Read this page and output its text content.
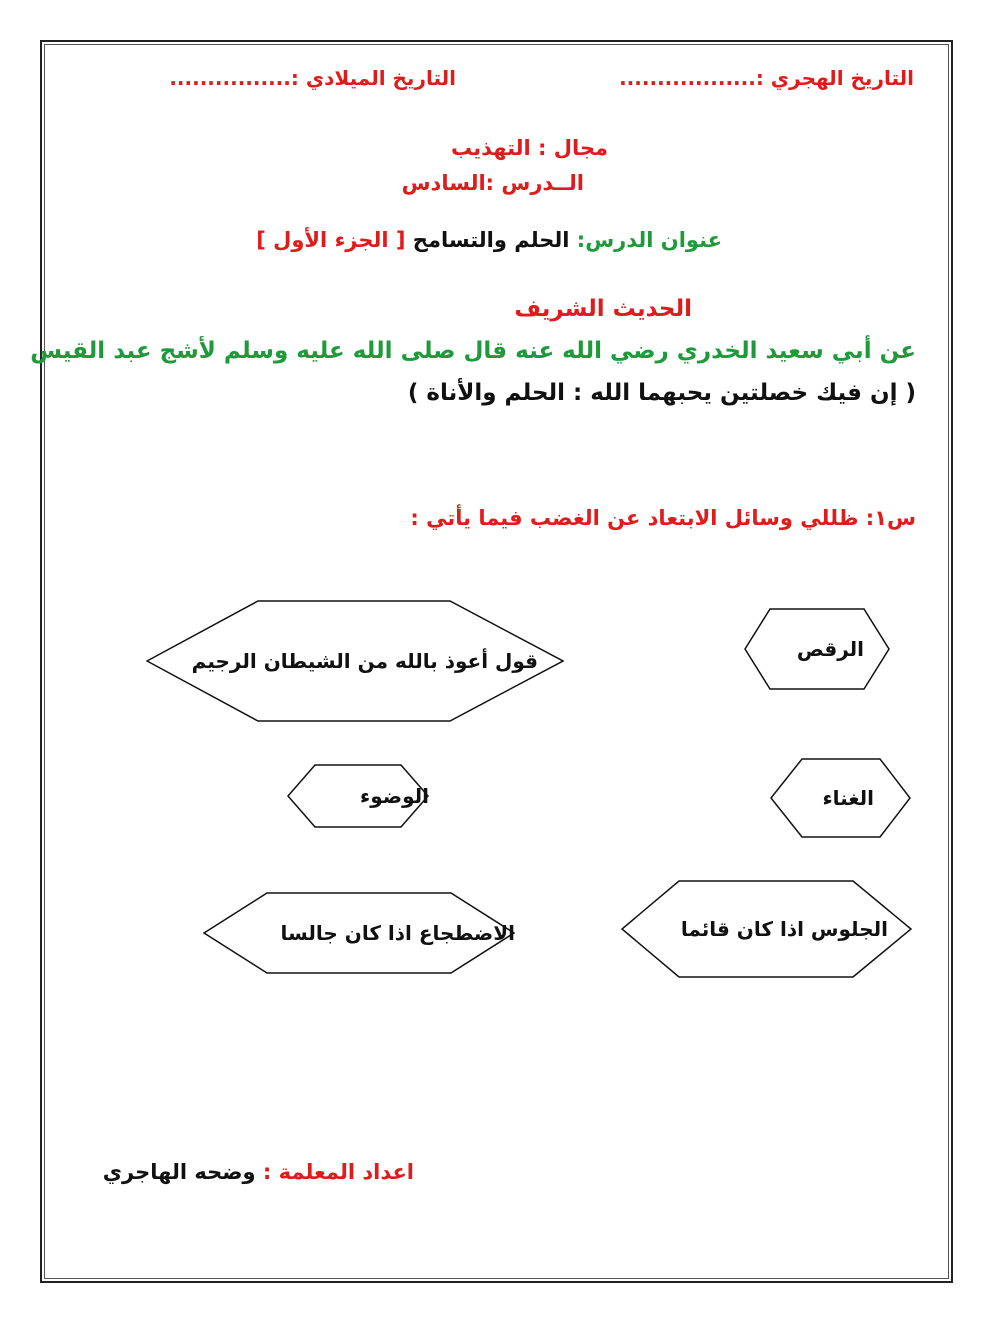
التاريخ الهجري :..................
التاريخ الميلادي :................
مجال : التهذيب
الــدرس :السادس
عنوان الدرس: الحلم والتسامح [ الجزء الأول ]
الحديث الشريف
عن أبي سعيد الخدري رضي الله عنه قال صلى الله عليه وسلم لأشج عبد القيس
( إن فيك خصلتين يحبهما الله : الحلم والأناة )
س١: ظللي وسائل الابتعاد عن الغضب فيما يأتي :
الرقص
قول أعوذ بالله من الشيطان الرجيم
الغناء
الوضوء
الجلوس اذا كان قائما
الاضطجاع اذا كان جالسا
اعداد المعلمة : وضحه الهاجري
